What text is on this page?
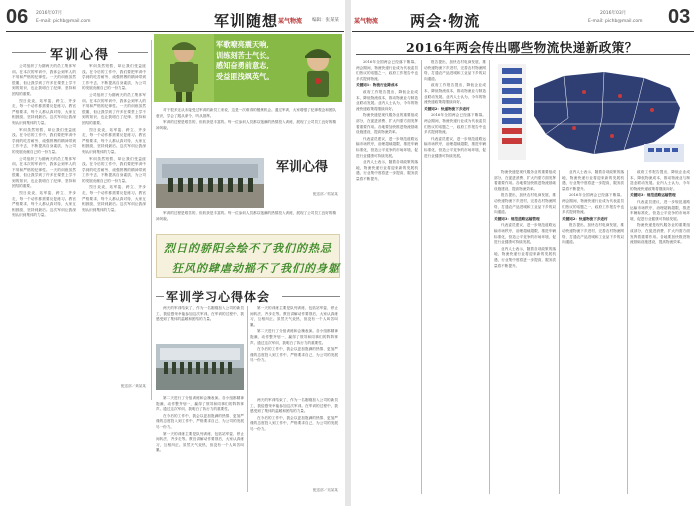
06 2016年07月
E-mail: pichb@mail.com	军训随想 某气物流 编辑：张某某
军训心得

公司组织了为期两天的员工集体军训。在本次的军训中，我体会到军人的不易和严格的纪律性。一天的训练虽然很累，但让我学到了许多在课堂上学不到的知识，也让我明白了纪律、坚持和团结的重要。

烈日炎炎，站军姿、跨立、齐步走，每一个动作都需要反复练习。教官严格要求，每个人都认真对待，大家互相鼓励，坚持到最后。这次军训让我深刻认识到集体的力量。

军训虽然短暂，却让我们受益匪浅。在今后的工作中，我们要把军训中学到的吃苦耐劳、顽强拼搏的精神带到工作中去，不断提高自身素质，为公司的发展贡献自己的一份力量。

公司组织了为期两天的员工集体军训。在本次的军训中，我体会到军人的不易和严格的纪律性。一天的训练虽然很累，但让我学到了许多在课堂上学不到的知识，也让我明白了纪律、坚持和团结的重要。

烈日炎炎，站军姿、跨立、齐步走，每一个动作都需要反复练习。教官严格要求，每个人都认真对待，大家互相鼓励，坚持到最后。这次军训让我深刻认识到集体的力量。

军训虽然短暂，却让我们受益匪浅。在今后的工作中，我们要把军训中学到的吃苦耐劳、顽强拼搏的精神带到工作中去，不断提高自身素质，为公司的发展贡献自己的一份力量。

公司组织了为期两天的员工集体军训。在本次的军训中，我体会到军人的不易和严格的纪律性。一天的训练虽然很累，但让我学到了许多在课堂上学不到的知识，也让我明白了纪律、坚持和团结的重要。

烈日炎炎，站军姿、跨立、齐步走，每一个动作都需要反复练习。教官严格要求，每个人都认真对待，大家互相鼓励，坚持到最后。这次军训让我深刻认识到集体的力量。

军训虽然短暂，却让我们受益匪浅。在今后的工作中，我们要把军训中学到的吃苦耐劳、顽强拼搏的精神带到工作中去，不断提高自身素质，为公司的发展贡献自己的一份力量。

烈日炎炎，站军姿、跨立、齐步走，每一个动作都需要反复练习。教官严格要求，每个人都认真对待，大家互相鼓励，坚持到最后。这次军训让我深刻认识到集体的力量。

配送部／黄某某
军歌嘹亮震天响,
训练刻苦士气长。
感知奋勇前意志,
受益匪浅飒英气。

对于很多还从未接受过军训的新员工来说，这是一次难得的锻炼机会。通过军训，大家增强了纪律观念和团队意识，学会了服从命令、听从指挥。

军训的过程是艰苦的，但收获是丰富的。每一位参训人员都以饱满的热情投入训练，展现了公司员工良好的精神风貌。

军训心得
配送部／郭某某

军训的过程是艰苦的，但收获是丰富的。每一位参训人员都以饱满的热情投入训练，展现了公司员工良好的精神风貌。

烈日的骄阳会绘不了我们的热忌
狂风的肆虐动摇不了我们的身躯
军训学习心得体会

两天的军训结束了，作为一名刚刚加入公司的新员工，我倍感荣幸能参加这次军训。在军训的过程中，我感受到了集体的温暖和团结的力量。

第一天的训练主要是队列训练，包括站军姿、停止间转法、齐步走等。教官讲解动作要领后，大家认真练习，互相纠正。虽然天气炎热，但没有一个人叫苦叫累。

第二天进行了分组训练和会操表演。各小组都精神饱满，动作整齐划一，赢得了领导和同事们的阵阵掌声。通过这次军训，我明白了执行力的重要性。

在今后的工作中，我会以更加饱满的热情、更加严谨的态度投入到工作中，严格要求自己，为公司的发展尽一份力。

第二天进行了分组训练和会操表演。各小组都精神饱满，动作整齐划一，赢得了领导和同事们的阵阵掌声。通过这次军训，我明白了执行力的重要性。

在今后的工作中，我会以更加饱满的热情、更加严谨的态度投入到工作中，严格要求自己，为公司的发展尽一份力。

第一天的训练主要是队列训练，包括站军姿、停止间转法、齐步走等。教官讲解动作要领后，大家认真练习，互相纠正。虽然天气炎热，但没有一个人叫苦叫累。

两天的军训结束了，作为一名刚刚加入公司的新员工，我倍感荣幸能参加这次军训。在军训的过程中，我感受到了集体的温暖和团结的力量。

在今后的工作中，我会以更加饱满的热情、更加严谨的态度投入到工作中，严格要求自己，为公司的发展尽一份力。

配送部／吴某某
某气物流 两会·物流	2016年03月
E-mail: pichb@mail.com 03
2016年两会传出哪些物流快递新政策？

2016年全国两会已经落下帷幕。两会期间，物流快递行业成为代表委员们热议的话题之一，政府工作报告中也多次提到物流。

关键词1：物流行业降成本

政府工作报告提出，降低企业成本，降低物流成本，推动物流业与制造业联动发展。业内人士认为，今年的物流快递政策将继续向好。

物流快递是现代服务业的重要组成部分，在促进消费、扩大内需方面发挥着重要作用。各地要加快推进物流基础设施建设，提高物流效率。

代表委员建议，进一步规范道路运输市场秩序，治理超载超限，推进车辆标准化，营造公平竞争的市场环境，促进行业健康可持续发展。

业内人士表示，随着各项政策的落地，物流快递行业将迎来新的发展机遇，行业集中度将进一步提高，服务质量将不断提升。

报告提出，加快农村电商发展，推动快递物流下乡进村，完善农村物流网络，打通农产品进城和工业品下乡的双向通道。

政府工作报告提出，降低企业成本，降低物流成本，推动物流业与制造业联动发展。业内人士认为，今年的物流快递政策将继续向好。

关键词2：快递物流下乡进村

2016年全国两会已经落下帷幕。两会期间，物流快递行业成为代表委员们热议的话题之一，政府工作报告中也多次提到物流。

代表委员建议，进一步规范道路运输市场秩序，治理超载超限，推进车辆标准化，营造公平竞争的市场环境，促进行业健康可持续发展。

物流快递是现代服务业的重要组成部分，在促进消费、扩大内需方面发挥着重要作用。各地要加快推进物流基础设施建设，提高物流效率。

报告提出，加快农村电商发展，推动快递物流下乡进村，完善农村物流网络，打通农产品进城和工业品下乡的双向通道。

关键词3：规范道路运输管理

代表委员建议，进一步规范道路运输市场秩序，治理超载超限，推进车辆标准化，营造公平竞争的市场环境，促进行业健康可持续发展。

业内人士表示，随着各项政策的落地，物流快递行业将迎来新的发展机遇，行业集中度将进一步提高，服务质量将不断提升。

业内人士表示，随着各项政策的落地，物流快递行业将迎来新的发展机遇，行业集中度将进一步提高，服务质量将不断提升。

2016年全国两会已经落下帷幕。两会期间，物流快递行业成为代表委员们热议的话题之一，政府工作报告中也多次提到物流。

关键词2：快递物流下乡进村

报告提出，加快农村电商发展，推动快递物流下乡进村，完善农村物流网络，打通农产品进城和工业品下乡的双向通道。

政府工作报告提出，降低企业成本，降低物流成本，推动物流业与制造业联动发展。业内人士认为，今年的物流快递政策将继续向好。

关键词3：规范道路运输管理

代表委员建议，进一步规范道路运输市场秩序，治理超载超限，推进车辆标准化，营造公平竞争的市场环境，促进行业健康可持续发展。

物流快递是现代服务业的重要组成部分，在促进消费、扩大内需方面发挥着重要作用。各地要加快推进物流基础设施建设，提高物流效率。
